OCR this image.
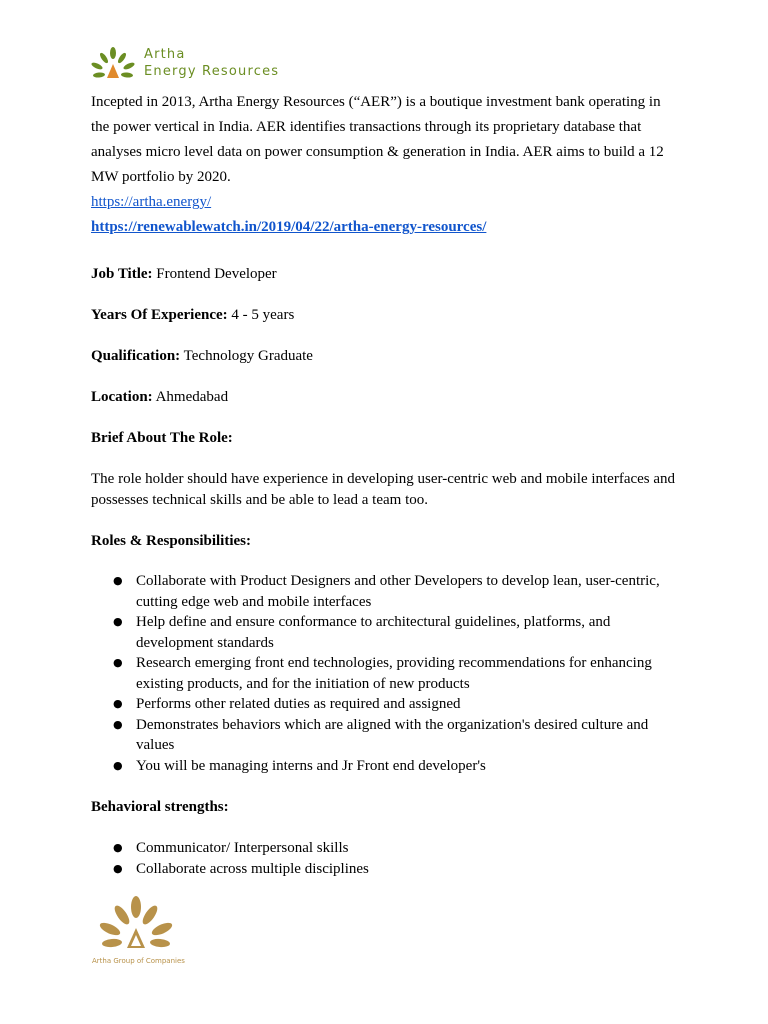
Artha
Energy Resources
Incepted in 2013, Artha Energy Resources (“AER”) is a boutique investment bank operating in the power vertical in India. AER identifies transactions through its proprietary database that analyses micro level data on power consumption & generation in India. AER aims to build a 12 MW portfolio by 2020.
https://artha.energy/
https://renewablewatch.in/2019/04/22/artha-energy-resources/
Job Title: Frontend Developer
Years Of Experience: 4 - 5 years
Qualification: Technology Graduate
Location: Ahmedabad
Brief About The Role:
The role holder should have experience in developing user-centric web and mobile interfaces and possesses technical skills and be able to lead a team too.
Roles & Responsibilities:
● Collaborate with Product Designers and other Developers to develop lean, user-centric, cutting edge web and mobile interfaces
● Help define and ensure conformance to architectural guidelines, platforms, and development standards
● Research emerging front end technologies, providing recommendations for enhancing existing products, and for the initiation of new products
● Performs other related duties as required and assigned
● Demonstrates behaviors which are aligned with the organization's desired culture and values
● You will be managing interns and Jr Front end developer's
Behavioral strengths:
● Communicator/ Interpersonal skills
● Collaborate across multiple disciplines
Artha Group of Companies
